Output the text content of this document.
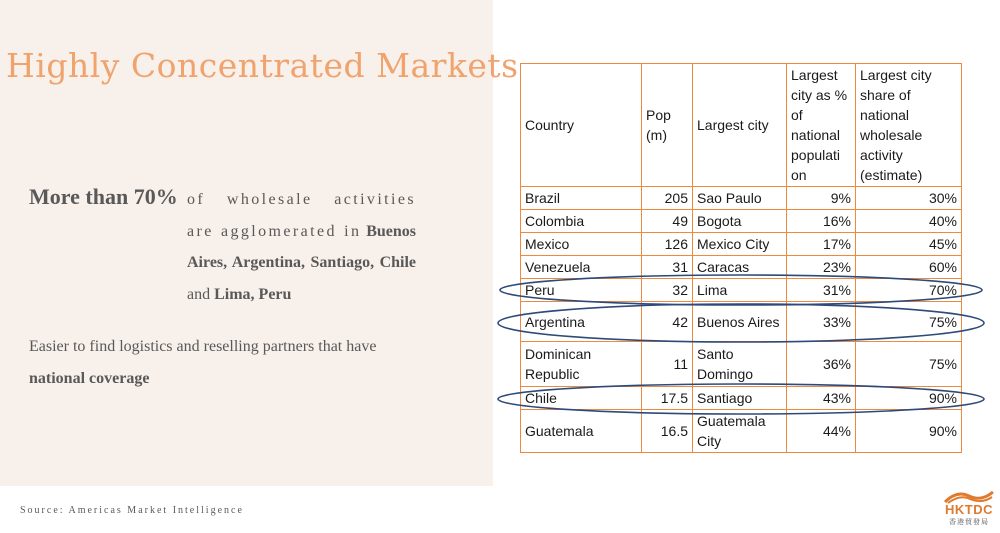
Highly Concentrated Markets
More than 70% of wholesale activities are agglomerated in Buenos Aires, Argentina, Santiago, Chile and Lima, Peru
Easier to find logistics and reselling partners that have national coverage
Source: Americas Market Intelligence
Country	Pop (m)	Largest city	Largest city as % of national populati on	Largest city share of national wholesale activity (estimate)
Brazil	205	Sao Paulo	9%	30%
Colombia	49	Bogota	16%	40%
Mexico	126	Mexico City	17%	45%
Venezuela	31	Caracas	23%	60%
Peru	32	Lima	31%	70%
Argentina	42	Buenos Aires	33%	75%
Dominican Republic	11	Santo Domingo	36%	75%
Chile	17.5	Santiago	43%	90%
Guatemala	16.5	Guatemala City	44%	90%
HKTDC
香港貿發局
